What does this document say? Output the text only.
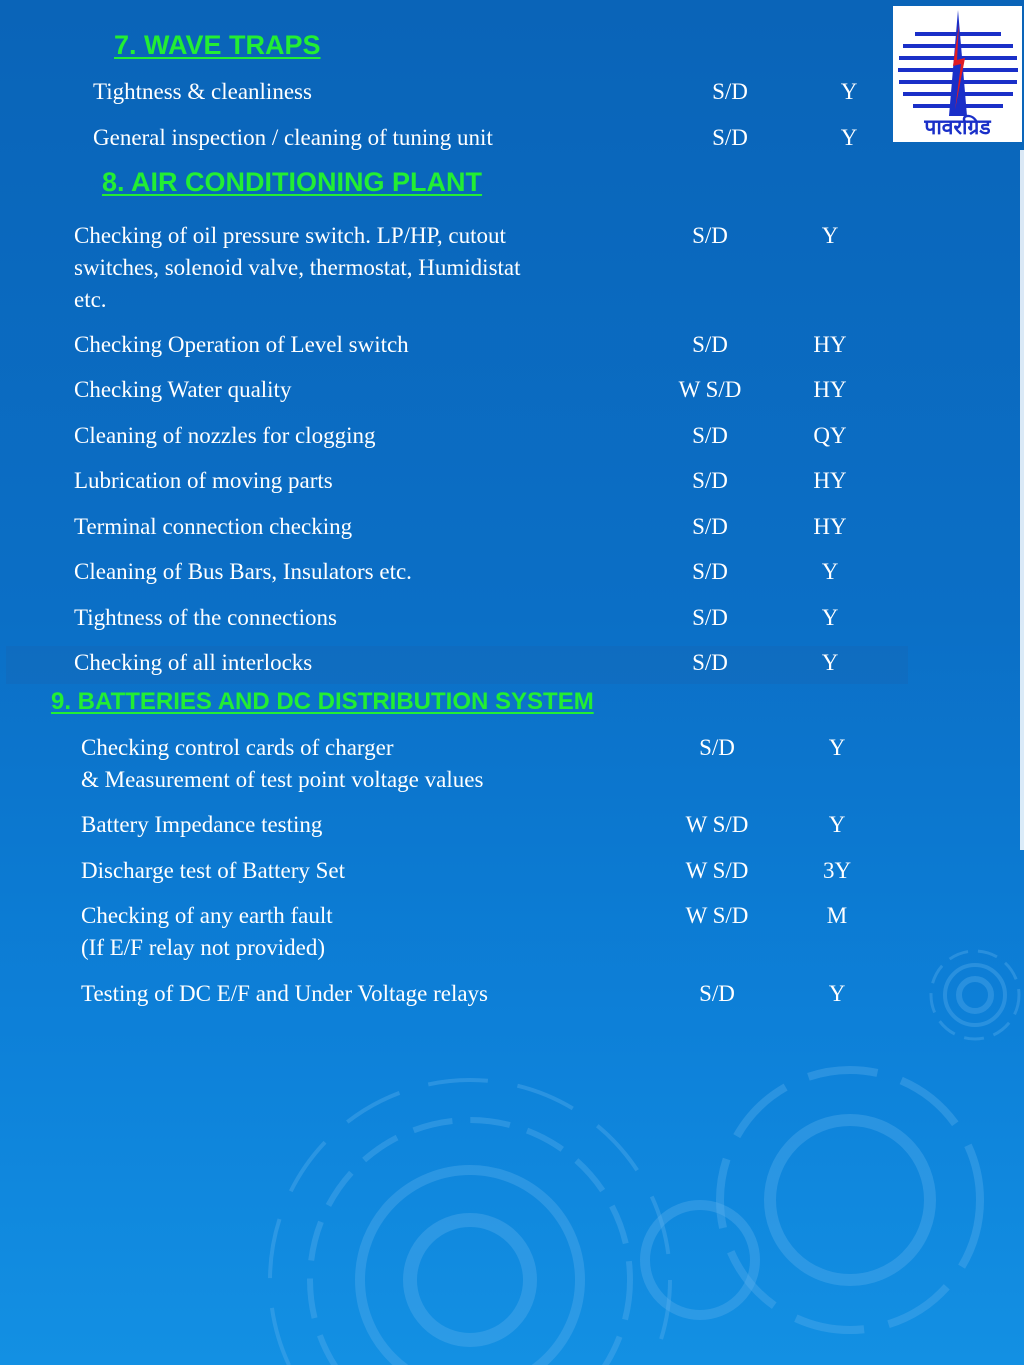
पावरग्रिड
7. WAVE TRAPS
Tightness & cleanliness	S/D	Y
General inspection / cleaning of tuning unit	S/D	Y
8. AIR CONDITIONING PLANT
Checking of oil pressure switch. LP/HP, cutout
switches, solenoid valve, thermostat, Humidistat
etc.
S/D	Y
Checking Operation of Level switch	S/D	HY
Checking Water quality	W S/D	HY
Cleaning of nozzles for clogging	S/D	QY
Lubrication of moving parts	S/D	HY
Terminal connection checking	S/D	HY
Cleaning of Bus Bars, Insulators etc.	S/D	Y
Tightness of the connections	S/D	Y
Checking of all interlocks	S/D	Y
9. BATTERIES AND DC DISTRIBUTION SYSTEM
Checking control cards of charger
& Measurement of test point voltage values
S/D	Y
Battery Impedance testing	W S/D	Y
Discharge test of Battery Set	W S/D	3Y
Checking of any earth fault
(If E/F relay not provided)
W S/D	M
Testing of DC E/F and Under Voltage relays	S/D	Y
